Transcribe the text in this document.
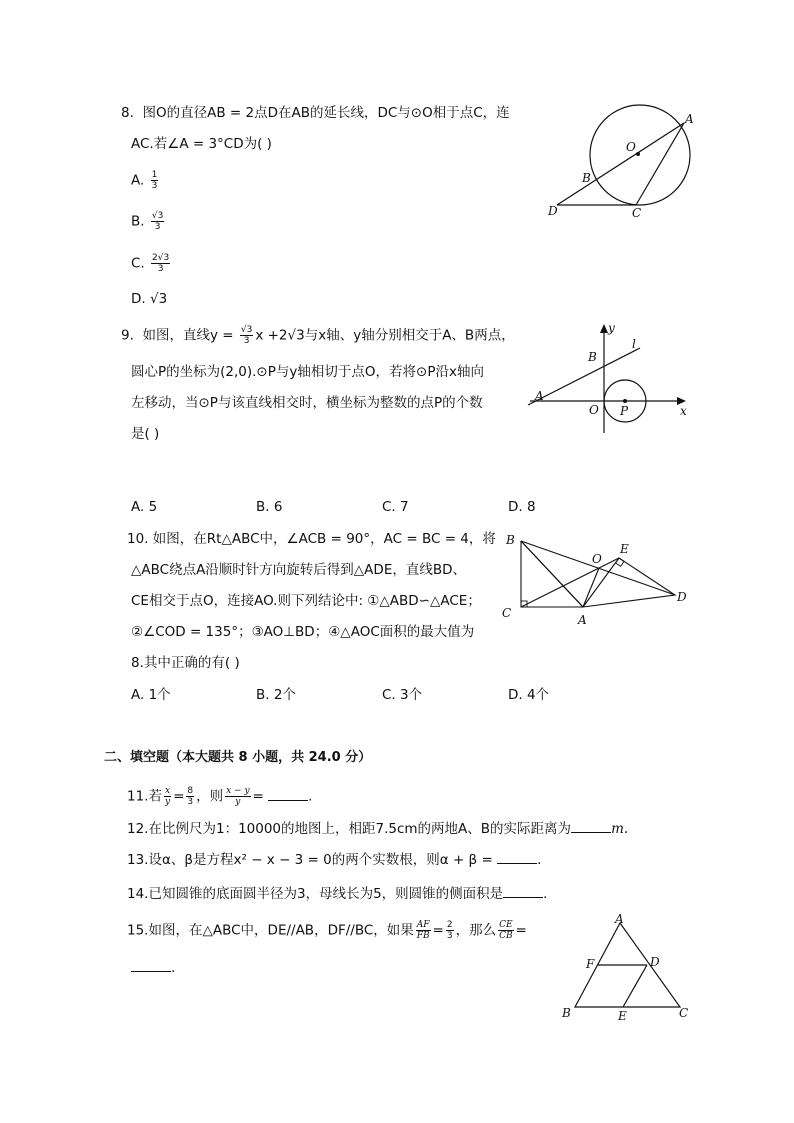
8. 图O的直径AB = 2点D在AB的延长线，DC与⊙O相于点C，连
AC.若∠A = 3°CD为( )
A. $\frac{1}{3}$
B. $\frac{√3}{3}$
C. $\frac{2√3}{3}$
D. √3
O
A
B
C
D
9. 如图，直线$y = \frac{√3}{3}$ x +2√3与x轴、y轴分别相交于A、B两点，
圆心P的坐标为(2,0).⊙P与y轴相切于点O，若将⊙P沿x轴向
左移动，当⊙P与该直线相交时，横坐标为整数的点P的个数
是( )
A. 5	B. 6	C. 7	D. 8
y
x
B
l
A
O P
10. 如图，在Rt△ABC中，∠ACB = 90°，AC = BC = 4，将
△ABC绕点A沿顺时针方向旋转后得到△ADE，直线BD、
CE相交于点O，连接AO.则下列结论中: ①△ABD∽△ACE；
②∠COD = 135°；③AO⊥BD；④△AOC面积的最大值为
8.其中正确的有( )
A. 1个	B. 2个	C. 3个	D. 4个
B
C	A
O
E
D
二、填空题（本大题共 8 小题，共 24.0 分）
11.若 $\frac{x}{y} = \frac{8}{3}$ ，则 $\frac{x - y}{y}$ =	.
12.在比例尺为1：10000的地图上，相距7.5cm的两地A、B的实际距离为	m.
13.设α、β是方程x² − x − 3 = 0的两个实数根，则α + β =	.
14.已知圆锥的底面圆半径为3，母线长为5，则圆锥的侧面积是	.
15.如图，在△ABC中，DE//AB，DF//BC，如果 $\frac{AF}{FB} = \frac{2}{3}$ ，那么 $\frac{CE}{CB}$ =
.
A
F	D
B	E	C
